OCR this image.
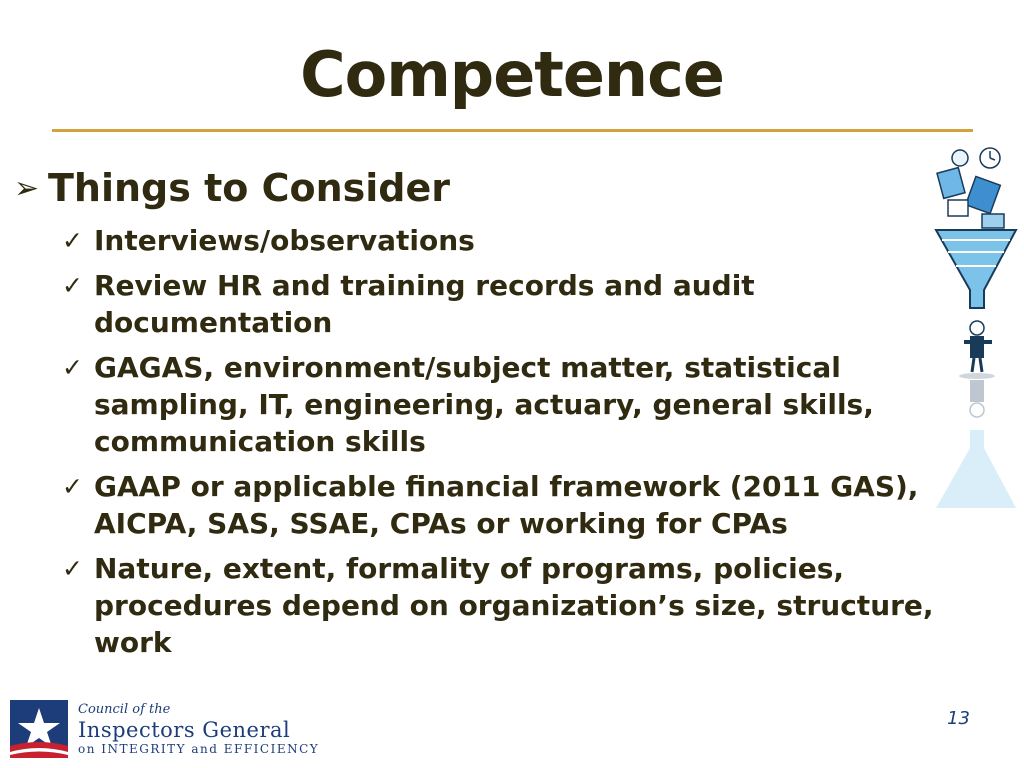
Competence
➢ Things to Consider
✓ Interviews/observations
✓ Review HR and training records and audit documentation
✓ GAGAS, environment/subject matter, statistical sampling, IT, engineering, actuary, general skills, communication skills
✓ GAAP or applicable financial framework (2011 GAS), AICPA, SAS, SSAE, CPAs or working for CPAs
✓ Nature, extent, formality of programs, policies, procedures depend on organization’s size, structure, work
Council of the
Inspectors General
on INTEGRITY and EFFICIENCY
13
